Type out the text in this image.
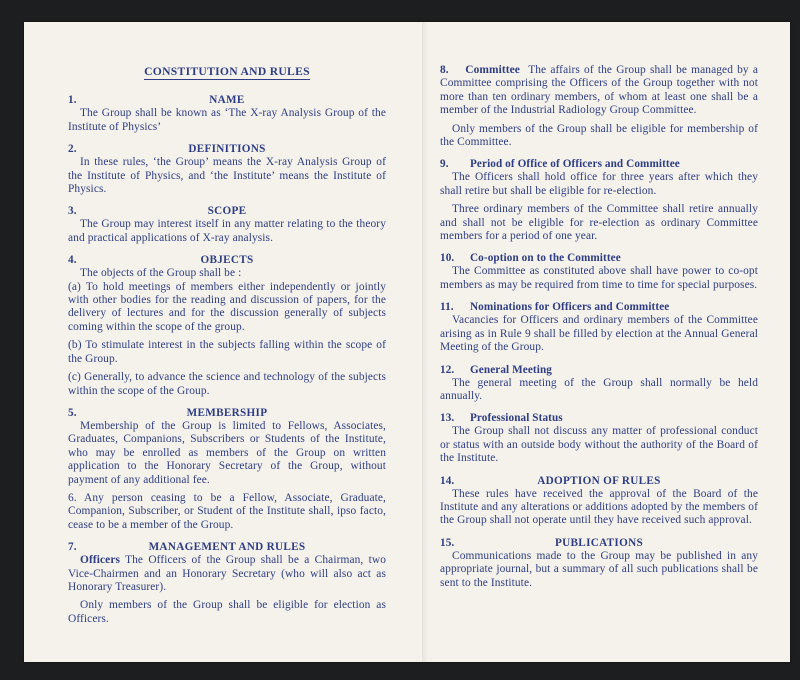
CONSTITUTION AND RULES
1.	NAME

The Group shall be known as ‘The X-ray Analysis Group of the Institute of Physics’

2.	DEFINITIONS

In these rules, ‘the Group’ means the X-ray Analysis Group of the Institute of Physics, and ‘the Institute’ means the Institute of Physics.

3.	SCOPE

The Group may interest itself in any matter relating to the theory and practical applications of X-ray analysis.

4.	OBJECTS

The objects of the Group shall be :

(a) To hold meetings of members either independently or jointly with other bodies for the reading and discussion of papers, for the delivery of lectures and for the discussion generally of subjects coming within the scope of the group.

(b) To stimulate interest in the subjects falling within the scope of the Group.

(c) Generally, to advance the science and technology of the subjects within the scope of the Group.

5.	MEMBERSHIP

Membership of the Group is limited to Fellows, Associates, Graduates, Companions, Subscribers or Students of the Institute, who may be enrolled as members of the Group on written application to the Honorary Secretary of the Group, without payment of any additional fee.

6. Any person ceasing to be a Fellow, Associate, Graduate, Companion, Subscriber, or Student of the Institute shall, ipso facto, cease to be a member of the Group.

7.	MANAGEMENT AND RULES

Officers The Officers of the Group shall be a Chairman, two Vice-Chairmen and an Honorary Secretary (who will also act as Honorary Treasurer).

Only members of the Group shall be eligible for election as Officers.

8. Committee The affairs of the Group shall be managed by a Committee comprising the Officers of the Group together with not more than ten ordinary members, of whom at least one shall be a member of the Industrial Radiology Group Committee.

Only members of the Group shall be eligible for membership of the Committee.

9.	Period of Office of Officers and Committee

The Officers shall hold office for three years after which they shall retire but shall be eligible for re-election.

Three ordinary members of the Committee shall retire annually and shall not be eligible for re-election as ordinary Committee members for a period of one year.

10.	Co-option on to the Committee

The Committee as constituted above shall have power to co-opt members as may be required from time to time for special purposes.

11.	Nominations for Officers and Committee

Vacancies for Officers and ordinary members of the Committee arising as in Rule 9 shall be filled by election at the Annual General Meeting of the Group.

12.	General Meeting

The general meeting of the Group shall normally be held annually.

13.	Professional Status

The Group shall not discuss any matter of professional conduct or status with an outside body without the authority of the Board of the Institute.

14.	ADOPTION OF RULES

These rules have received the approval of the Board of the Institute and any alterations or additions adopted by the members of the Group shall not operate until they have received such approval.

15.	PUBLICATIONS

Communications made to the Group may be published in any appropriate journal, but a summary of all such publications shall be sent to the Institute.
